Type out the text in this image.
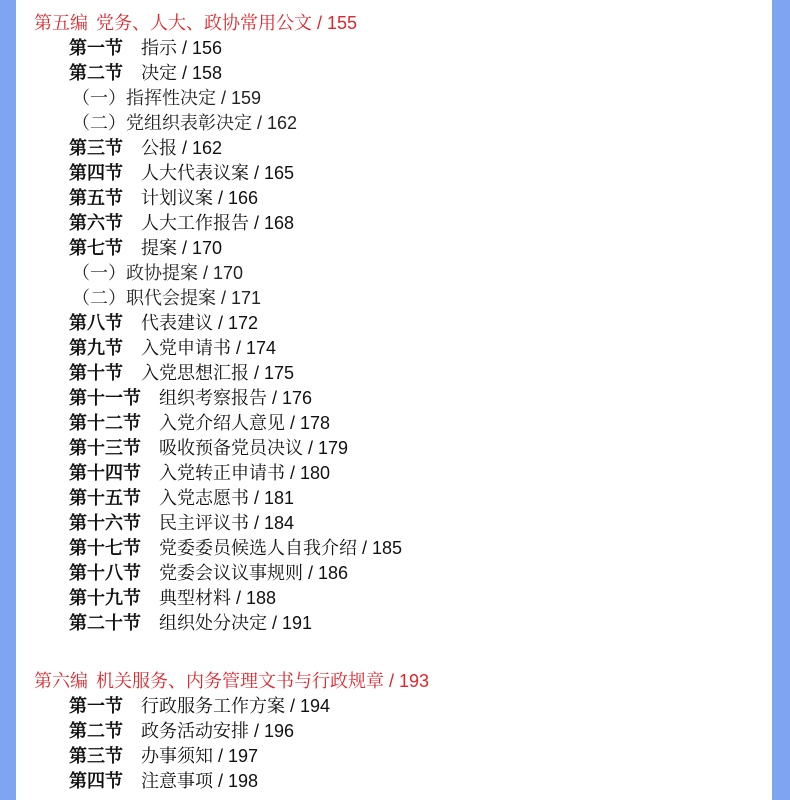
第五编 党务、人大、政协常用公文 / 155
第一节 指示 / 156
第二节 决定 / 158
（一）指挥性决定 / 159
（二）党组织表彰决定 / 162
第三节 公报 / 162
第四节 人大代表议案 / 165
第五节 计划议案 / 166
第六节 人大工作报告 / 168
第七节 提案 / 170
（一）政协提案 / 170
（二）职代会提案 / 171
第八节 代表建议 / 172
第九节 入党申请书 / 174
第十节 入党思想汇报 / 175
第十一节 组织考察报告 / 176
第十二节 入党介绍人意见 / 178
第十三节 吸收预备党员决议 / 179
第十四节 入党转正申请书 / 180
第十五节 入党志愿书 / 181
第十六节 民主评议书 / 184
第十七节 党委委员候选人自我介绍 / 185
第十八节 党委会议议事规则 / 186
第十九节 典型材料 / 188
第二十节 组织处分决定 / 191
第六编 机关服务、内务管理文书与行政规章 / 193
第一节 行政服务工作方案 / 194
第二节 政务活动安排 / 196
第三节 办事须知 / 197
第四节 注意事项 / 198
